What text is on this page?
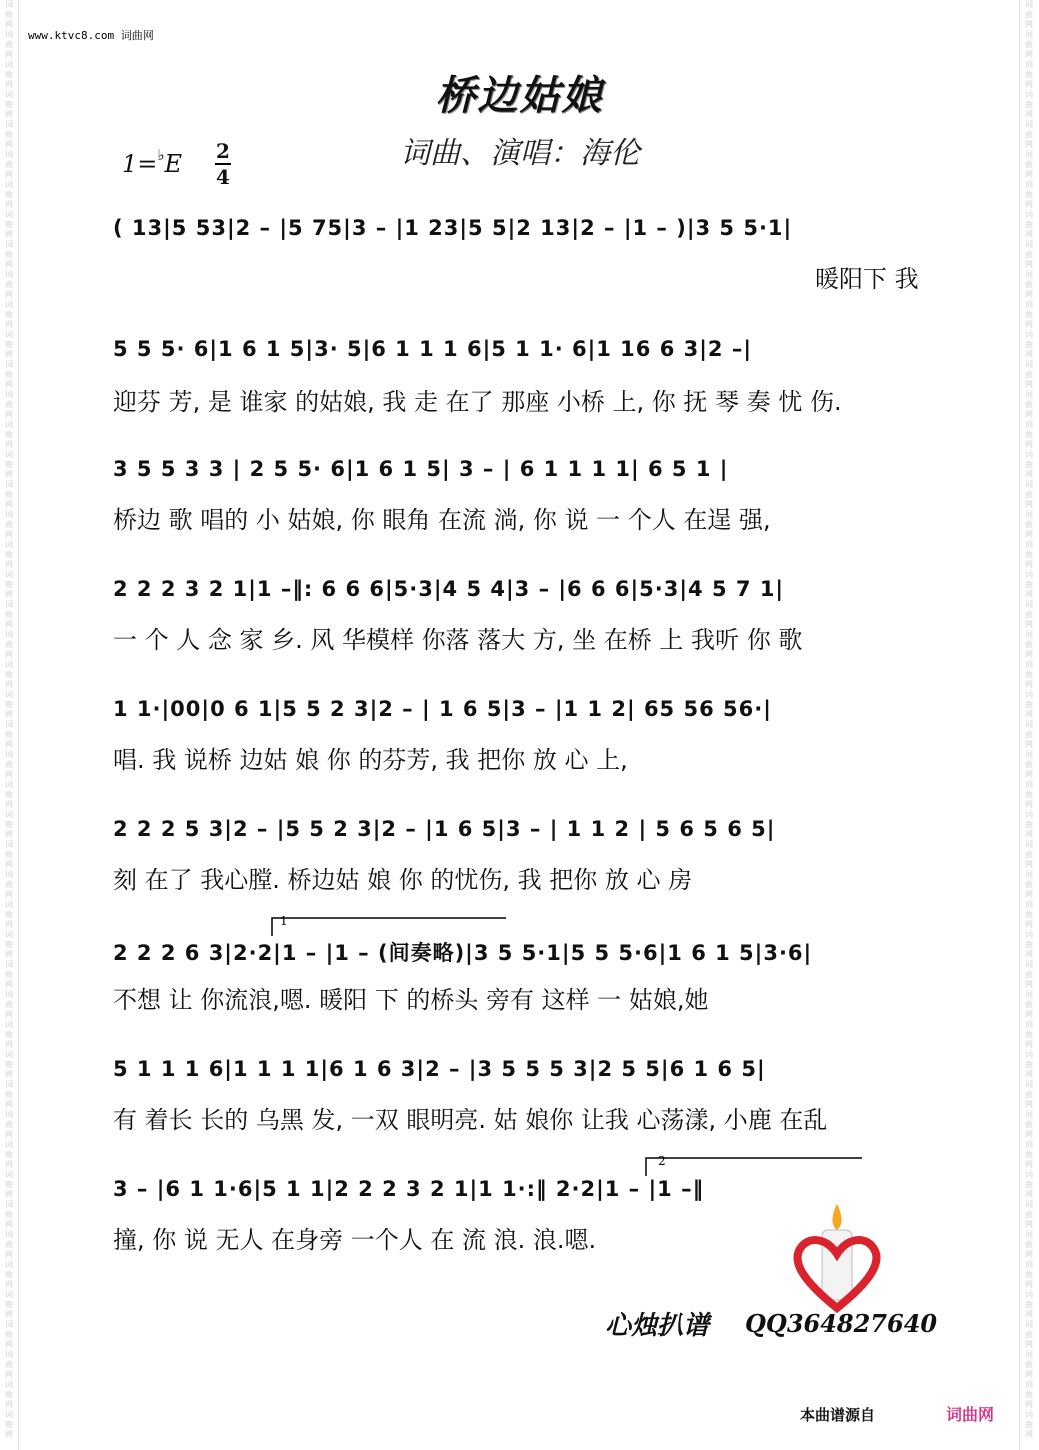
词曲网词曲网词曲网词曲网词曲网词曲网词曲网词曲网词曲网词曲网词曲网词曲网词曲网词曲网词曲网词曲网词曲网词曲网词曲网词曲网词曲网词曲网词曲网词曲网词曲网词曲网词曲网词曲网词曲网词曲网词曲网词曲网词曲网词曲网词曲网词曲网词曲网词曲网词曲网词曲网词曲网词曲网词曲网词曲网词曲网词曲网词曲网词曲网
词曲网词曲网词曲网词曲网词曲网词曲网词曲网词曲网词曲网词曲网词曲网词曲网词曲网词曲网词曲网词曲网词曲网词曲网词曲网词曲网词曲网词曲网词曲网词曲网词曲网词曲网词曲网词曲网词曲网词曲网词曲网词曲网词曲网词曲网词曲网词曲网词曲网词曲网词曲网词曲网词曲网词曲网词曲网词曲网词曲网词曲网词曲网词曲网
www.ktvc8.com 词曲网
桥边姑娘
词曲、演唱：海伦
1=♭E 2
4
( 13|5 53|2 – |5 75|3 – |1 23|5 5|2 13|2 – |1 – )|3 5 5·1|
暖阳下 我
5 5 5· 6|1 6 1 5|3· 5|6 1 1 1 6|5 1 1· 6|1 16 6 3|2 –|
迎芬 芳, 是 谁家 的姑娘, 我 走 在了 那座 小桥 上, 你 抚 琴 奏 忧 伤.
3 5 5 3 3 | 2 5 5· 6|1 6 1 5| 3 – | 6 1 1 1 1| 6 5 1 |
桥边 歌 唱的 小 姑娘, 你 眼角 在流 淌, 你 说 一 个人 在逞 强,
2 2 2 3 2 1|1 –‖: 6 6 6|5·3|4 5 4|3 – |6 6 6|5·3|4 5 7 1|
一 个 人 念 家 乡. 风 华模样 你落 落大 方, 坐 在桥 上 我听 你 歌
1 1·|00|0 6 1|5 5 2 3|2 – | 1 6 5|3 – |1 1 2| 65 56 56·|
唱. 我 说桥 边姑 娘 你 的芬芳, 我 把你 放 心 上,
2 2 2 5 3|2 – |5 5 2 3|2 – |1 6 5|3 – | 1 1 2 | 5 6 5 6 5|
刻 在了 我心膛. 桥边姑 娘 你 的忧伤, 我 把你 放 心 房
1
2 2 2 6 3|2·2|1 – |1 – (间奏略)|3 5 5·1|5 5 5·6|1 6 1 5|3·6|
不想 让 你流浪,嗯. 暖阳 下 的桥头 旁有 这样 一 姑娘,她
5 1 1 1 6|1 1 1 1|6 1 6 3|2 – |3 5 5 5 3|2 5 5|6 1 6 5|
有 着长 长的 乌黑 发, 一双 眼明亮. 姑 娘你 让我 心荡漾, 小鹿 在乱
2
3 – |6 1 1·6|5 1 1|2 2 2 3 2 1|1 1·:‖ 2·2|1 – |1 –‖
撞, 你 说 无人 在身旁 一个人 在 流 浪. 浪.嗯.
心烛扒谱 QQ364827640
本曲谱源自	词曲网
